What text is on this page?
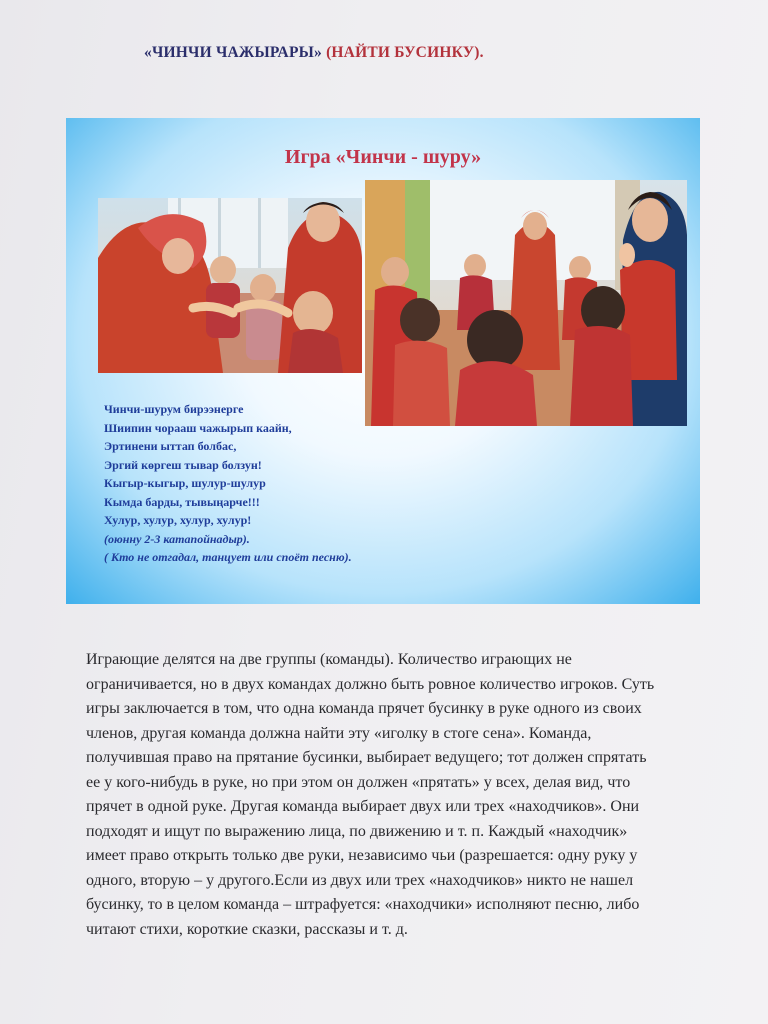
«ЧИНЧИ ЧАЖЫРАРЫ» (НАЙТИ БУСИНКУ).
Игра «Чинчи - шуру»
Чинчи-шурум бирээнерге
Шиипин чорааш чажырып каайн,
Эртинени ыттап болбас,
Эргий көргеш тывар болзун!
Кыгыр-кыгыр, шулур-шулур
Кымда барды, тывыңарче!!!
Хулур, хулур, хулур, хулур!
(оюнну 2-3 катапойнадыр).
( Кто не отгадал, танцует или споёт песню).
Играющие делятся на две группы (команды). Количество играющих не
ограничивается, но в двух командах должно быть ровное количество игроков. Суть
игры заключается в том, что одна команда прячет бусинку в руке одного из своих
членов, другая команда должна найти эту «иголку в стоге сена». Команда,
получившая право на прятание бусинки, выбирает ведущего; тот должен спрятать
ее у кого-нибудь в руке, но при этом он должен «прятать» у всех, делая вид, что
прячет в одной руке. Другая команда выбирает двух или трех «находчиков». Они
подходят и ищут по выражению лица, по движению и т. п. Каждый «находчик»
имеет право открыть только две руки, независимо чьи (разрешается: одну руку у
одного, вторую – у другого.Если из двух или трех «находчиков» никто не нашел
бусинку, то в целом команда – штрафуется: «находчики» исполняют песню, либо
читают стихи, короткие сказки, рассказы и т. д.
